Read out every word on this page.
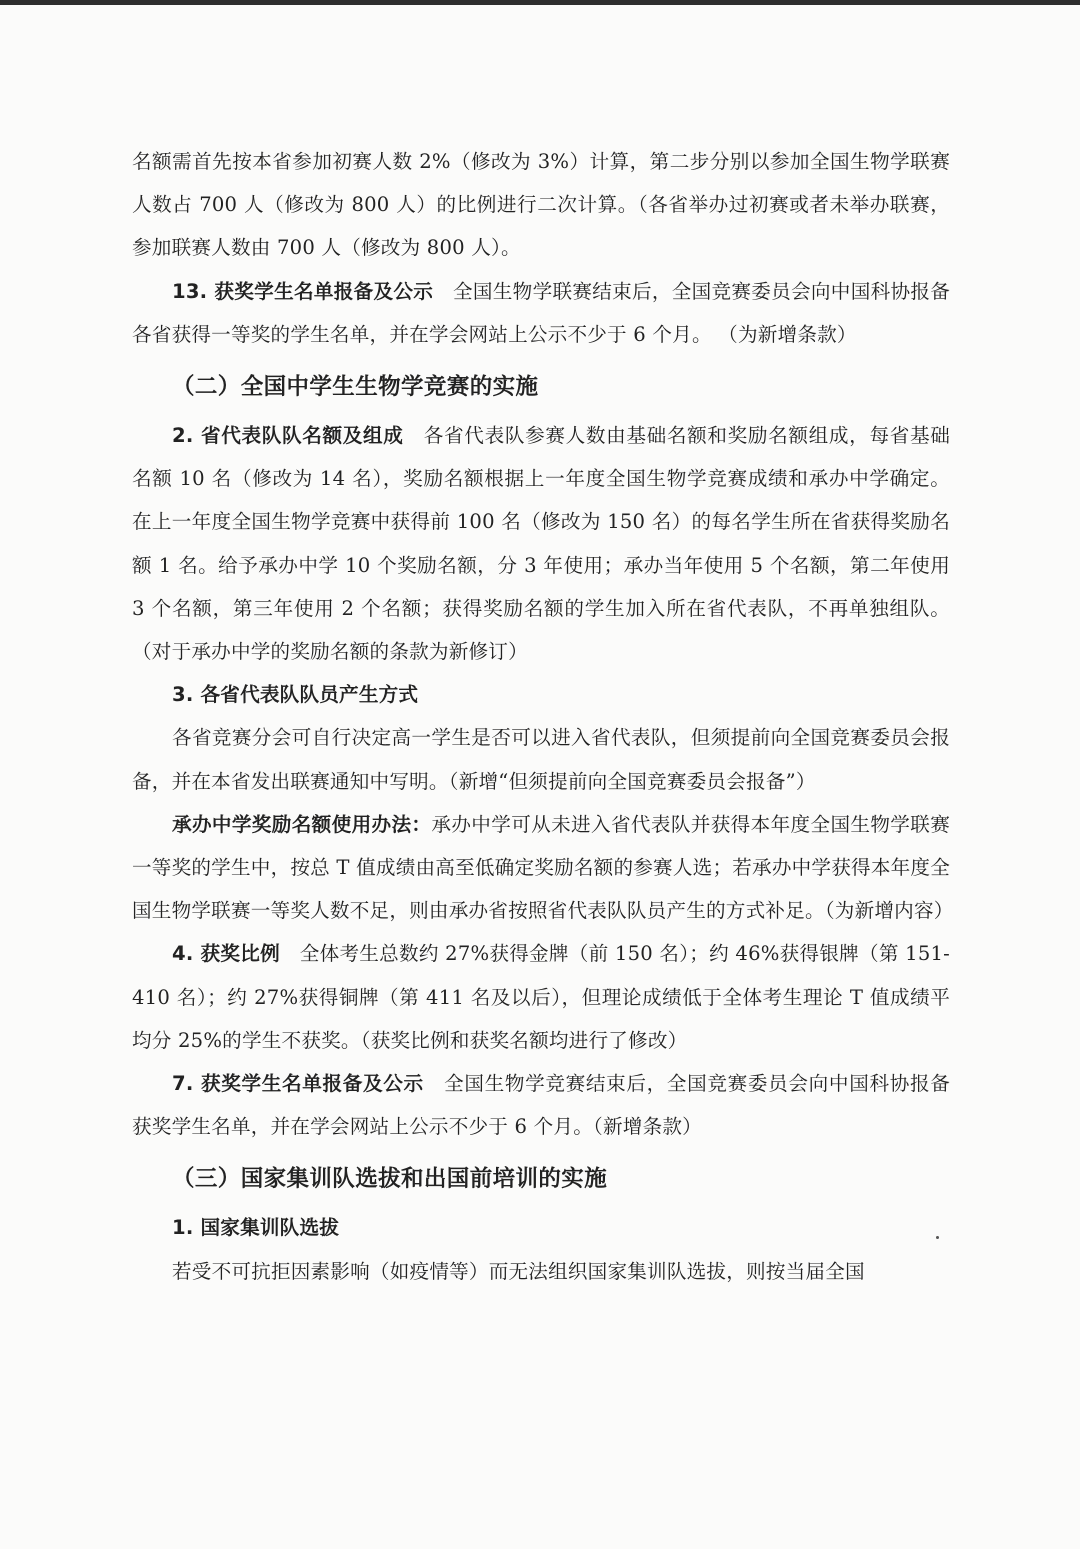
名额需首先按本省参加初赛人数 2%（修改为 3%）计算，第二步分别以参加全国生物学联赛人数占 700 人（修改为 800 人）的比例进行二次计算。（各省举办过初赛或者未举办联赛，参加联赛人数由 700 人（修改为 800 人）。

13. 获奖学生名单报备及公示　 全国生物学联赛结束后，全国竞赛委员会向中国科协报备各省获得一等奖的学生名单，并在学会网站上公示不少于 6 个月。 （为新增条款）

（二）全国中学生生物学竞赛的实施

2. 省代表队队名额及组成　 各省代表队参赛人数由基础名额和奖励名额组成，每省基础名额 10 名（修改为 14 名），奖励名额根据上一年度全国生物学竞赛成绩和承办中学确定。在上一年度全国生物学竞赛中获得前 100 名（修改为 150 名）的每名学生所在省获得奖励名额 1 名。给予承办中学 10 个奖励名额，分 3 年使用；承办当年使用 5 个名额，第二年使用 3 个名额，第三年使用 2 个名额；获得奖励名额的学生加入所在省代表队，不再单独组队。（对于承办中学的奖励名额的条款为新修订）

3. 各省代表队队员产生方式

各省竞赛分会可自行决定高一学生是否可以进入省代表队，但须提前向全国竞赛委员会报备，并在本省发出联赛通知中写明。（新增“但须提前向全国竞赛委员会报备”）

承办中学奖励名额使用办法：承办中学可从未进入省代表队并获得本年度全国生物学联赛一等奖的学生中，按总 T 值成绩由高至低确定奖励名额的参赛人选；若承办中学获得本年度全国生物学联赛一等奖人数不足，则由承办省按照省代表队队员产生的方式补足。（为新增内容）

4. 获奖比例　 全体考生总数约 27%获得金牌（前 150 名）；约 46%获得银牌（第 151-410 名）；约 27%获得铜牌（第 411 名及以后），但理论成绩低于全体考生理论 T 值成绩平均分 25%的学生不获奖。（获奖比例和获奖名额均进行了修改）

7. 获奖学生名单报备及公示　 全国生物学竞赛结束后，全国竞赛委员会向中国科协报备获奖学生名单，并在学会网站上公示不少于 6 个月。（新增条款）

（三）国家集训队选拔和出国前培训的实施

1. 国家集训队选拔

若受不可抗拒因素影响（如疫情等）而无法组织国家集训队选拔，则按当届全国
